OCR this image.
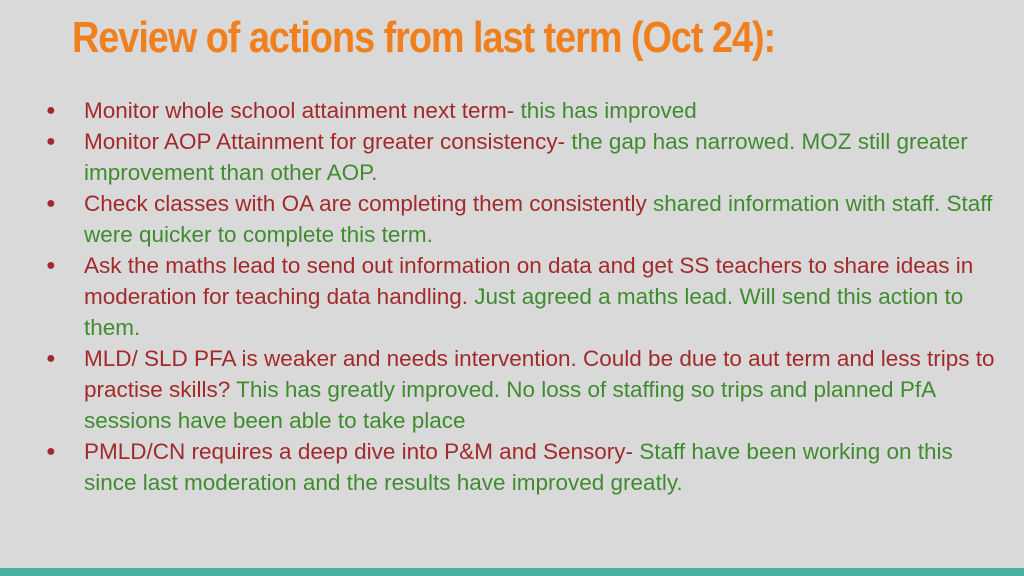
Review of actions from last term (Oct 24):
● Monitor whole school attainment next term- this has improved
● Monitor AOP Attainment for greater consistency- the gap has narrowed. MOZ still greater improvement than other AOP.
● Check classes with OA are completing them consistently shared information with staff. Staff were quicker to complete this term.
● Ask the maths lead to send out information on data and get SS teachers to share ideas in moderation for teaching data handling. Just agreed a maths lead. Will send this action to them.
● MLD/ SLD PFA is weaker and needs intervention. Could be due to aut term and less trips to practise skills? This has greatly improved. No loss of staffing so trips and planned PfA sessions have been able to take place
● PMLD/CN requires a deep dive into P&M and Sensory- Staff have been working on this since last moderation and the results have improved greatly.
